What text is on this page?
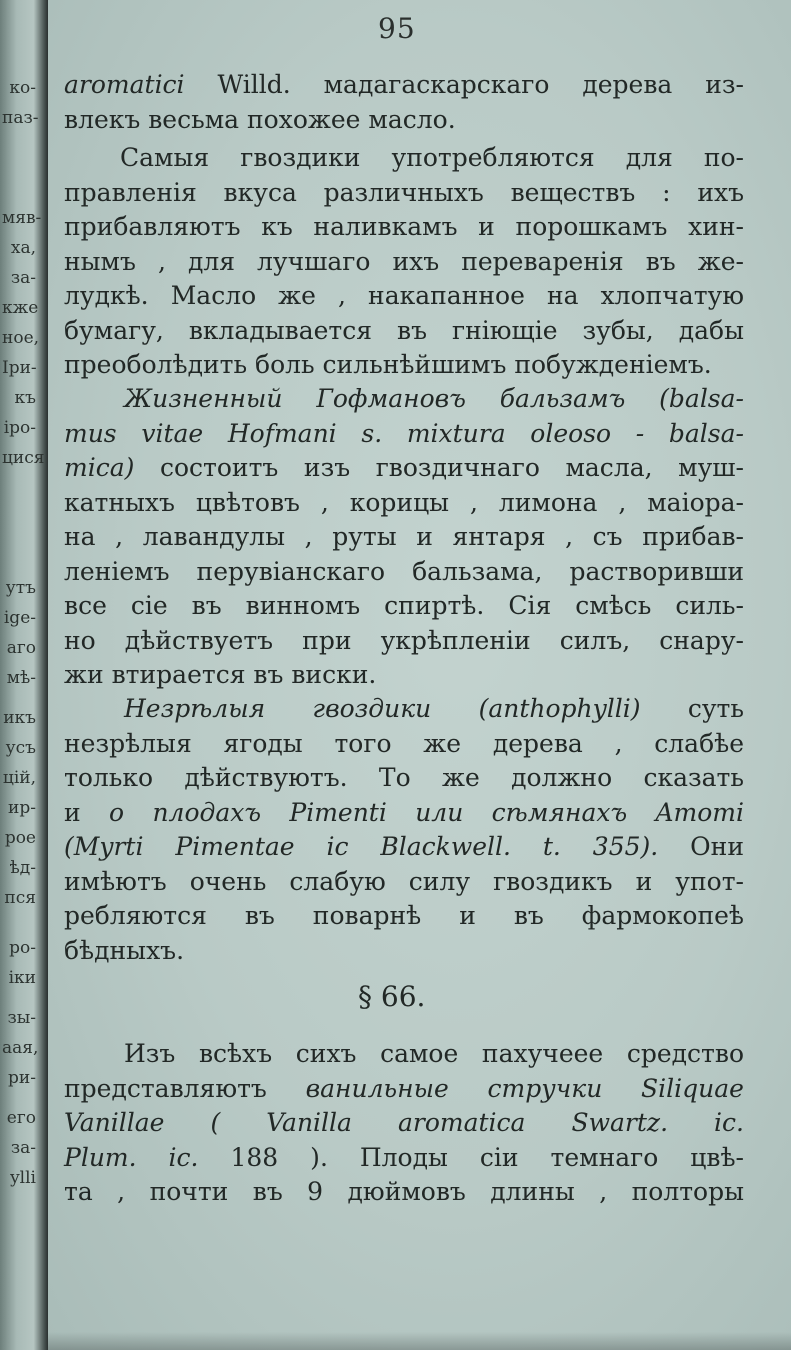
ко-
паз-
мяв-
ха,
за-
кже
ное,
Іри-
къ
іро-
цися
утъ
ige-
аго
мѣ-
икъ
усъ
цій,
ир-
рое
ѣд-
пся
ро-
іки
зы-
аая,
ри-
его
за-
ylli
95
aromatici Willd. мадагаскарскаго дерева из-
влекъ весьма похожее масло.
Самыя гвоздики употребляются для по-
правленія вкуса различныхъ веществъ : ихъ
прибавляютъ къ наливкамъ и порошкамъ хин-
нымъ , для лучшаго ихъ переваренія въ же-
лудкѣ. Масло же , накапанное на хлопчатую
бумагу, вкладывается въ гніющіе зубы, дабы
преоболѣдить боль сильнѣйшимъ побужденіемъ.
Жизненный Гофмановъ бальзамъ (balsa-
mus vitae Hofmani s. mixtura oleoso - balsa-
mica) состоитъ изъ гвоздичнаго масла, муш-
катныхъ цвѣтовъ , корицы , лимона , маіора-
на , лавандулы , руты и янтаря , съ прибав-
леніемъ перувіанскаго бальзама, растворивши
все сіе въ винномъ спиртѣ. Сія смѣсь силь-
но дѣйствуетъ при укрѣпленіи силъ, снару-
жи втирается въ виски.
Незрѣлыя гвоздики (anthophylli) суть
незрѣлыя ягоды того же дерева , слабѣе
только дѣйствуютъ. То же должно сказать
и о плодахъ Pimenti или сѣмянахъ Amomi
(Myrti Pimentae ic Blackwell. t. 355). Они
имѣютъ очень слабую силу гвоздикъ и упот-
ребляются въ поварнѣ и въ фармокопеѣ
бѣдныхъ.
§ 66.
Изъ всѣхъ сихъ самое пахучеее средство
представляютъ ванильные стручки Siliquae
Vanillae ( Vanilla aromatica Swartz. ic.
Plum. ic. 188 ). Плоды сіи темнаго цвѣ-
та , почти въ 9 дюймовъ длины , полторы
